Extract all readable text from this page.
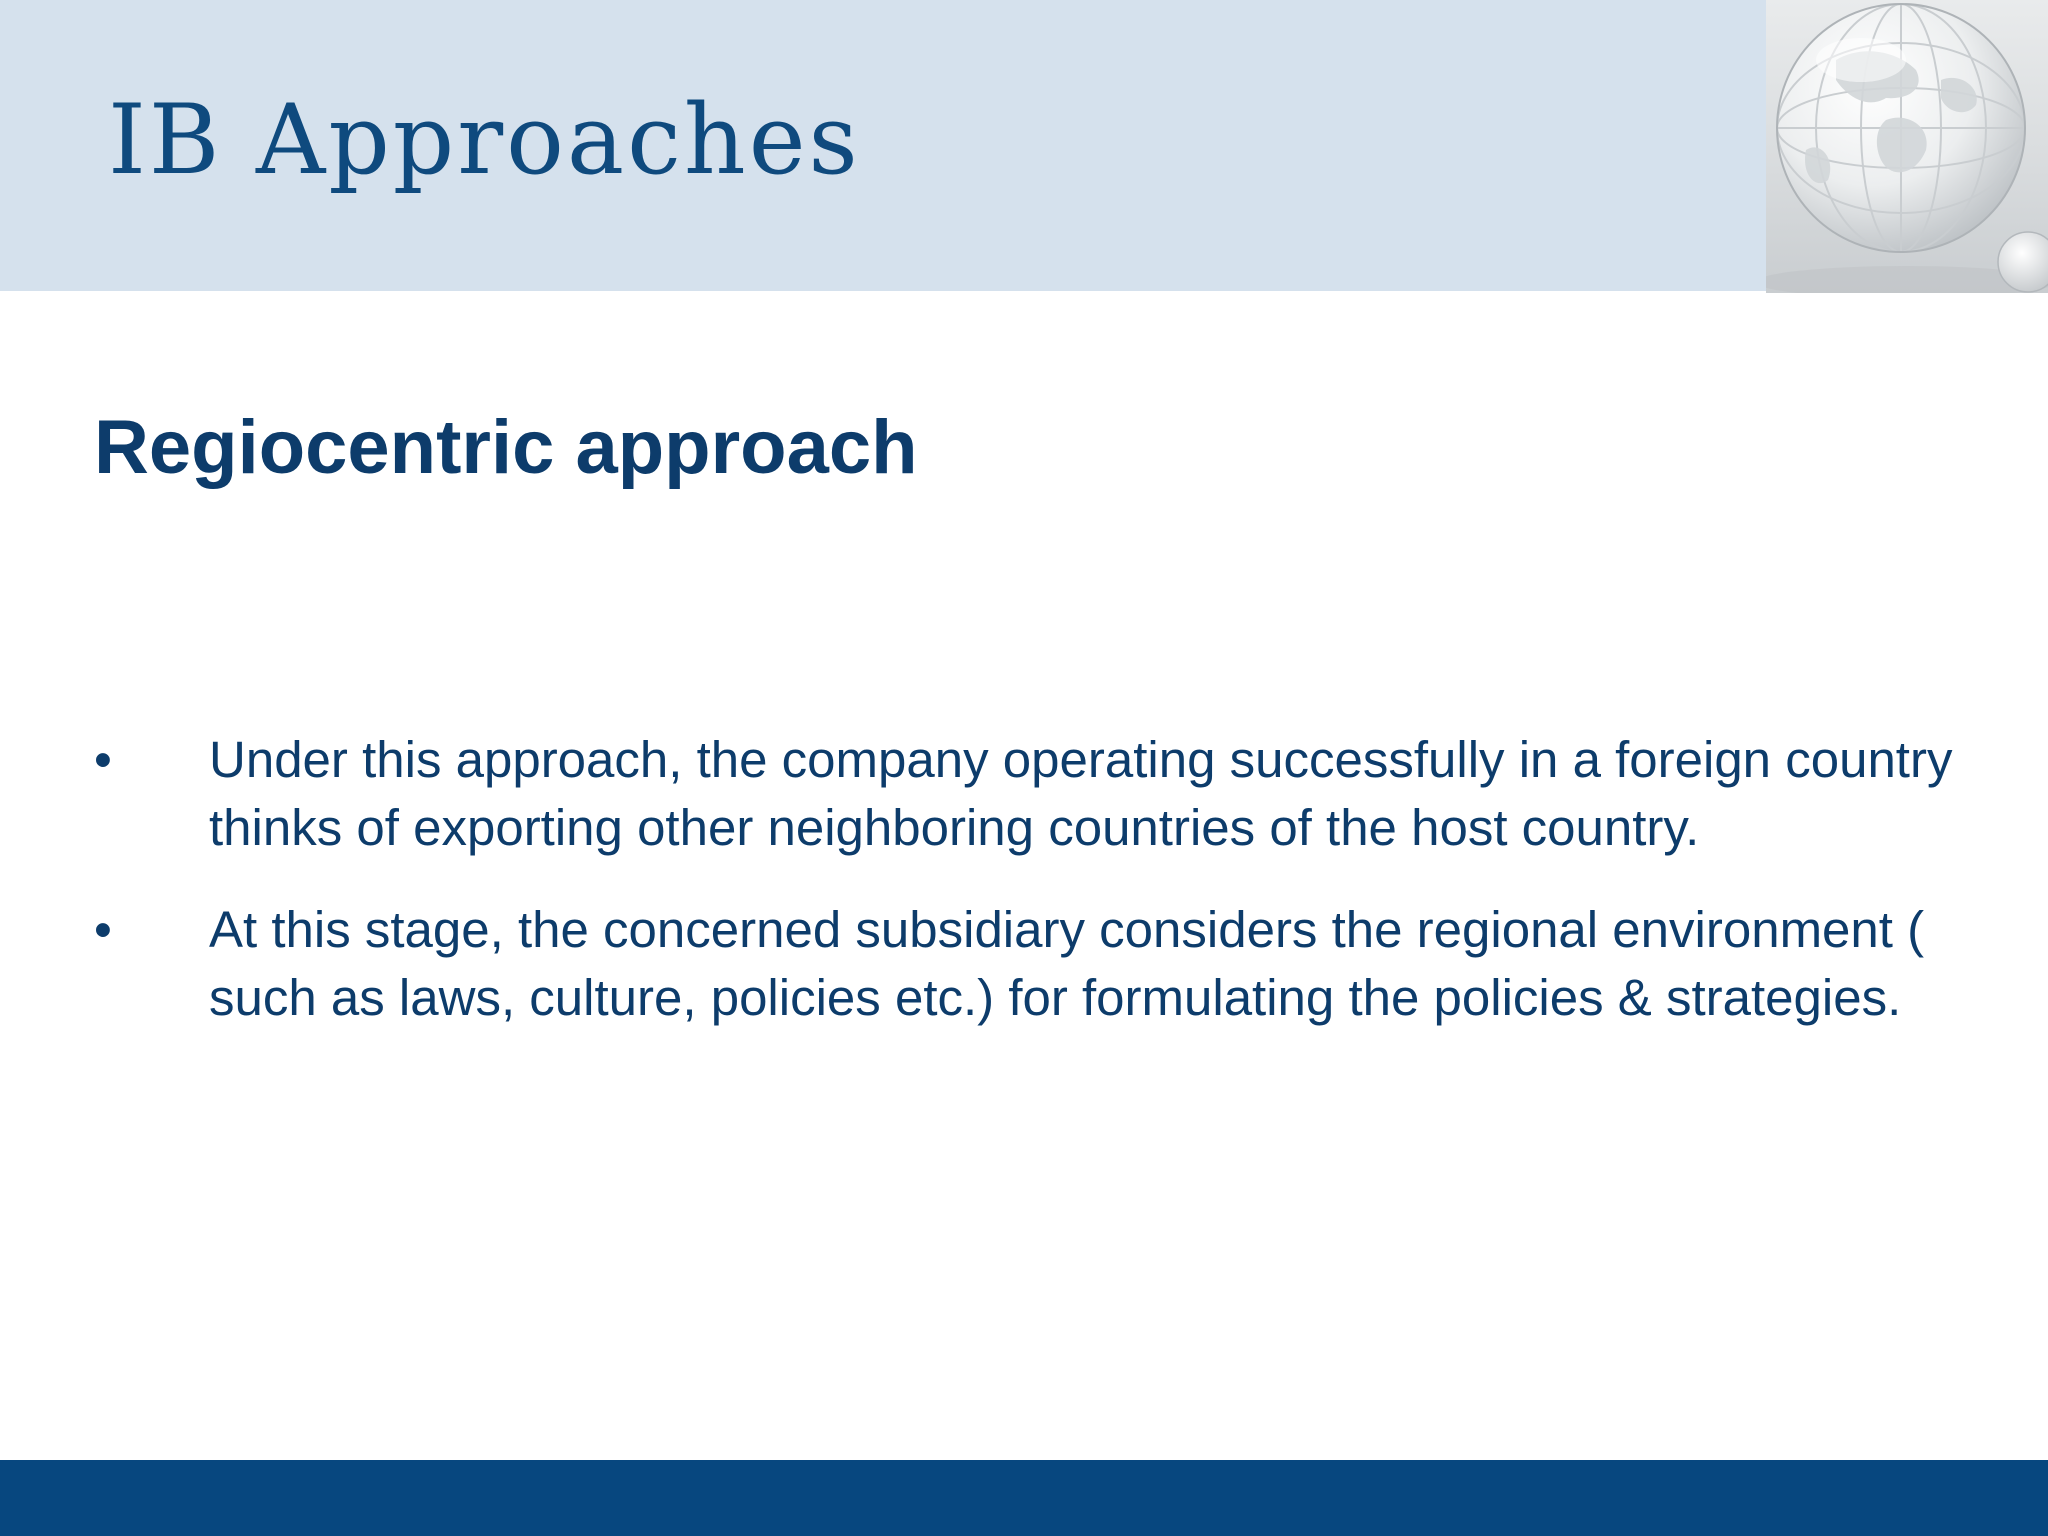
IB Approaches
Regiocentric approach
•	Under this approach, the company operating successfully in a foreign country thinks of exporting other neighboring countries of the host country.
•	At this stage, the concerned subsidiary considers the regional environment ( such as laws, culture, policies etc.) for formulating the policies & strategies.
